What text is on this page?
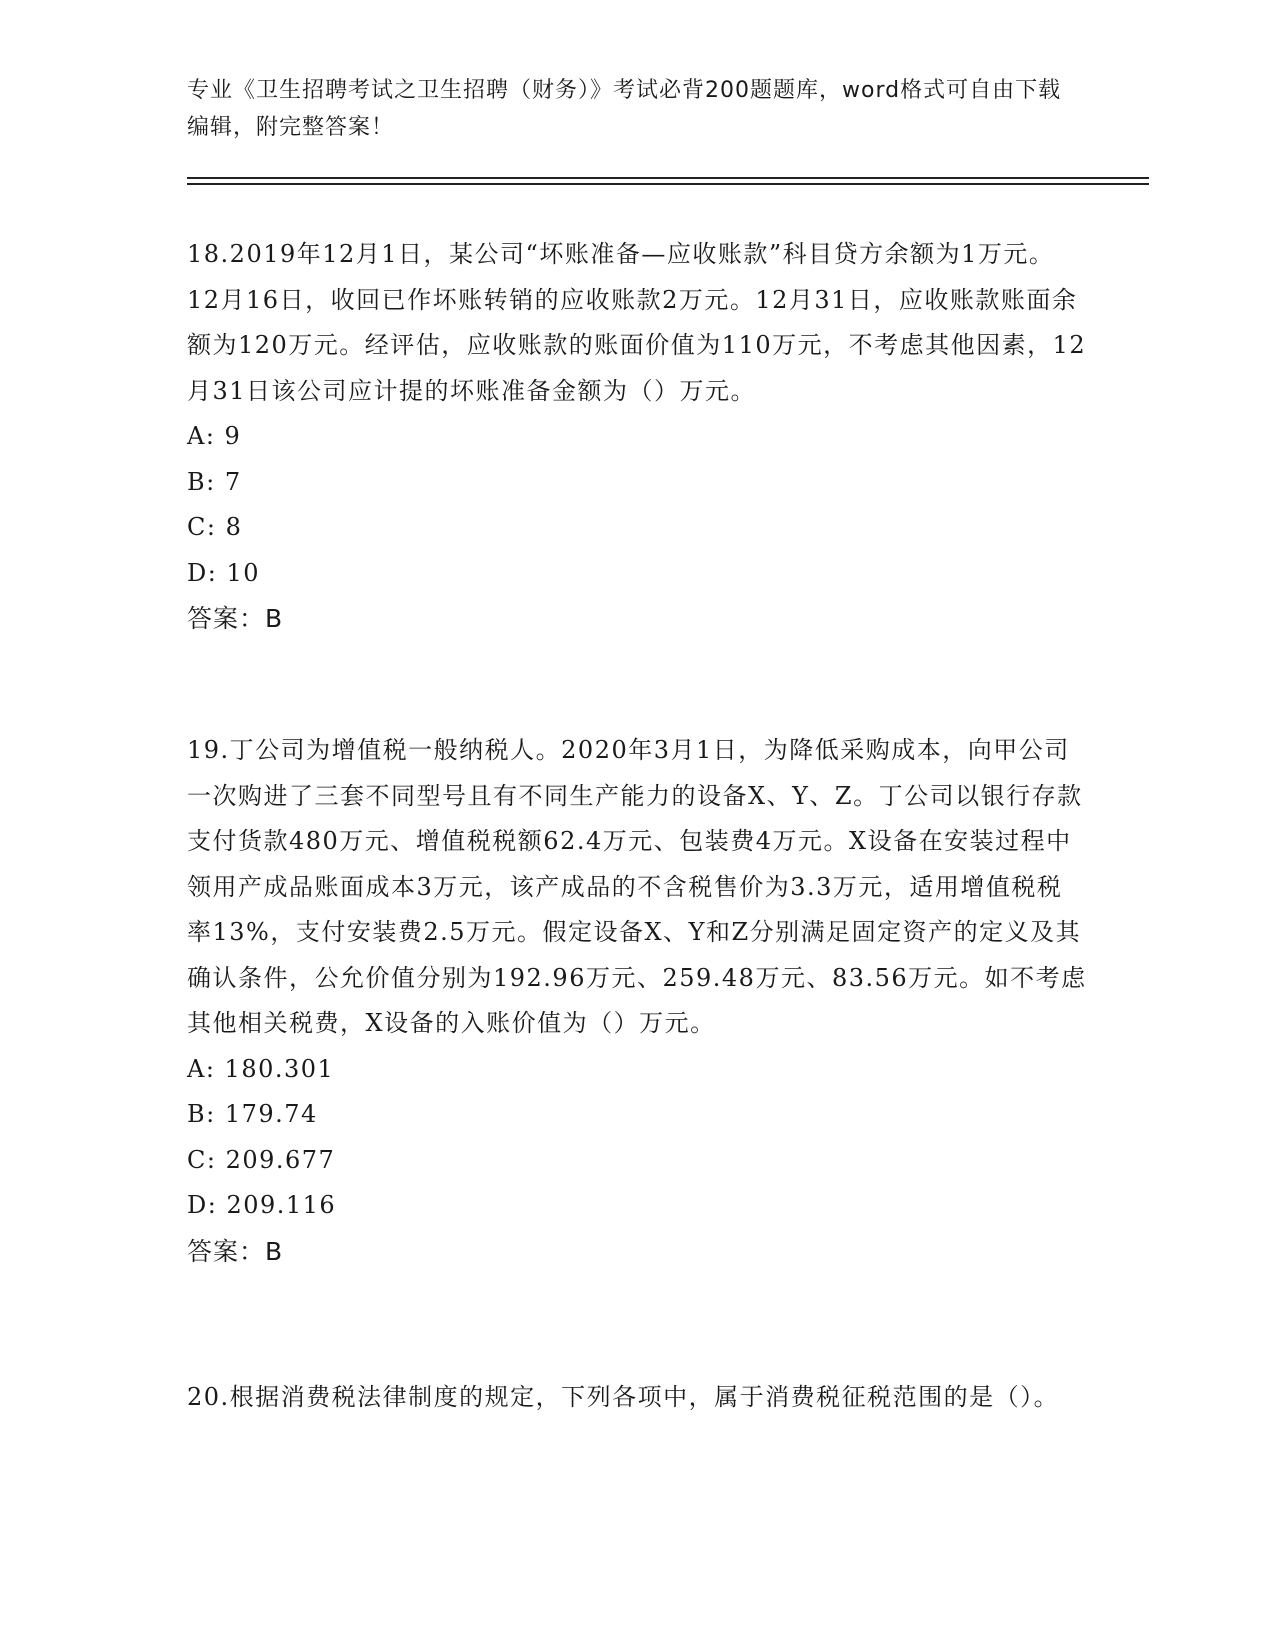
专业《卫生招聘考试之卫生招聘（财务）》考试必背200题题库，word格式可自由下载编辑，附完整答案！
18.2019年12月1日，某公司“坏账准备—应收账款”科目贷方余额为1万元。12月16日，收回已作坏账转销的应收账款2万元。12月31日，应收账款账面余额为120万元。经评估，应收账款的账面价值为110万元，不考虑其他因素，12月31日该公司应计提的坏账准备金额为（）万元。
A: 9
B: 7
C: 8
D: 10
答案：B
19.丁公司为增值税一般纳税人。2020年3月1日，为降低采购成本，向甲公司一次购进了三套不同型号且有不同生产能力的设备X、Y、Z。丁公司以银行存款支付货款480万元、增值税税额62.4万元、包装费4万元。X设备在安装过程中领用产成品账面成本3万元，该产成品的不含税售价为3.3万元，适用增值税税率13%，支付安装费2.5万元。假定设备X、Y和Z分别满足固定资产的定义及其确认条件，公允价值分别为192.96万元、259.48万元、83.56万元。如不考虑其他相关税费，X设备的入账价值为（）万元。
A: 180.301
B: 179.74
C: 209.677
D: 209.116
答案：B
20.根据消费税法律制度的规定，下列各项中，属于消费税征税范围的是（）。
